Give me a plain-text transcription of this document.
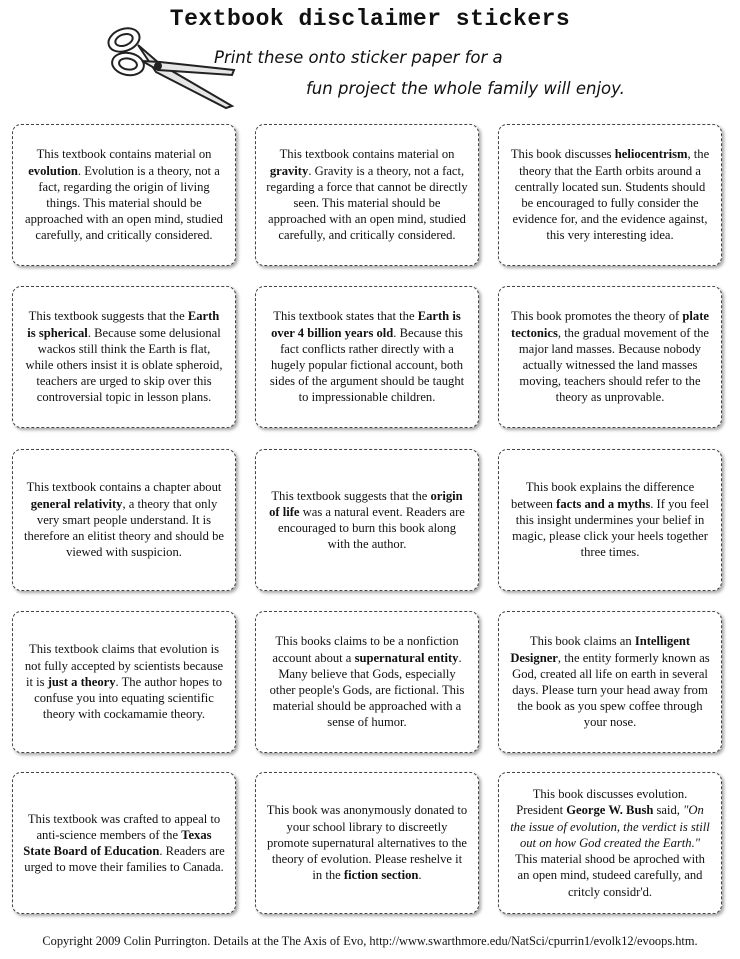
Textbook disclaimer stickers
Print these onto sticker paper for a
fun project the whole family will enjoy.

This textbook contains material on evolution. Evolution is a theory, not a fact, regarding the origin of living things. This material should be approached with an open mind, studied carefully, and critically considered.

This textbook contains material on gravity. Gravity is a theory, not a fact, regarding a force that cannot be directly seen. This material should be approached with an open mind, studied carefully, and critically considered.

This book discusses heliocentrism, the theory that the Earth orbits around a centrally located sun. Students should be encouraged to fully consider the evidence for, and the evidence against, this very interesting idea.

This textbook suggests that the Earth is spherical. Because some delusional wackos still think the Earth is flat, while others insist it is oblate spheroid, teachers are urged to skip over this controversial topic in lesson plans.

This textbook states that the Earth is over 4 billion years old. Because this fact conflicts rather directly with a hugely popular fictional account, both sides of the argument should be taught to impressionable children.

This book promotes the theory of plate tectonics, the gradual movement of the major land masses. Because nobody actually witnessed the land masses moving, teachers should refer to the theory as unprovable.

This textbook contains a chapter about general relativity, a theory that only very smart people understand. It is therefore an elitist theory and should be viewed with suspicion.

This textbook suggests that the origin of life was a natural event. Readers are encouraged to burn this book along with the author.

This book explains the difference between facts and a myths. If you feel this insight undermines your belief in magic, please click your heels together three times.

This textbook claims that evolution is not fully accepted by scientists because it is just a theory. The author hopes to confuse you into equating scientific theory with cockamamie theory.

This books claims to be a nonfiction account about a supernatural entity. Many believe that Gods, especially other people's Gods, are fictional. This material should be approached with a sense of humor.

This book claims an Intelligent Designer, the entity formerly known as God, created all life on earth in several days. Please turn your head away from the book as you spew coffee through your nose.

This textbook was crafted to appeal to anti-science members of the Texas State Board of Education. Readers are urged to move their families to Canada.

This book was anonymously donated to your school library to discreetly promote supernatural alternatives to the theory of evolution. Please reshelve it in the fiction section.

This book discusses evolution. President George W. Bush said, "On the issue of evolution, the verdict is still out on how God created the Earth." This material shood be aproched with an open mind, studeed carefully, and critcly considr'd.

Copyright 2009 Colin Purrington. Details at the The Axis of Evo, http://www.swarthmore.edu/NatSci/cpurrin1/evolk12/evoops.htm.
